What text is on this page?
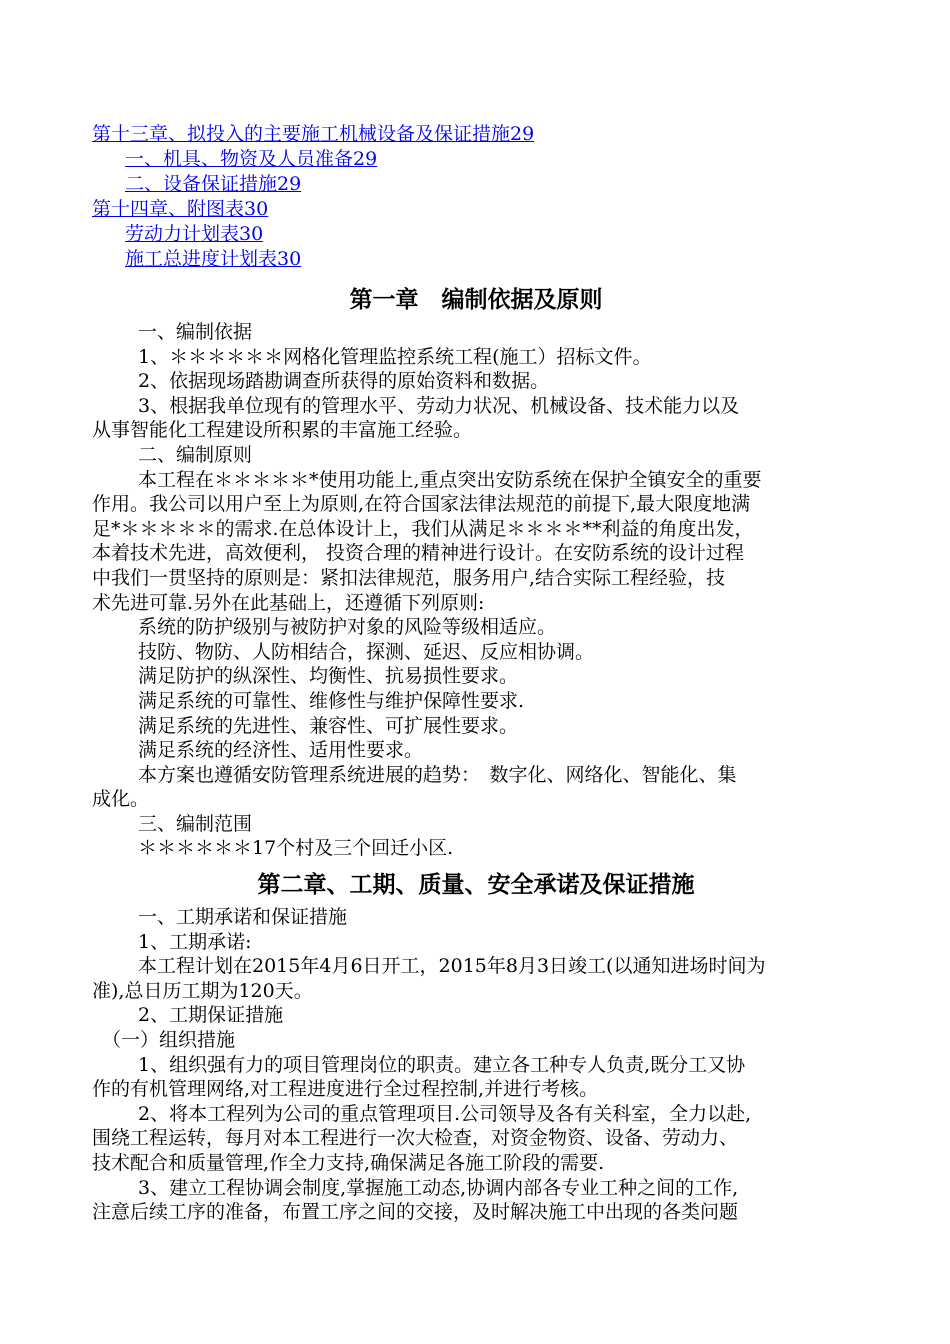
第十三章、拟投入的主要施工机械设备及保证措施29
一、机具、物资及人员准备29
二、设备保证措施29
第十四章、附图表30
劳动力计划表30
施工总进度计划表30
第一章　编制依据及原则

一、编制依据

1、＊＊＊＊＊＊网格化管理监控系统工程(施工）招标文件。

2、依据现场踏勘调查所获得的原始资料和数据。

3、根据我单位现有的管理水平、劳动力状况、机械设备、技术能力以及

从事智能化工程建设所积累的丰富施工经验。

二、编制原则

本工程在＊＊＊＊＊*使用功能上,重点突出安防系统在保护全镇安全的重要

作用。我公司以用户至上为原则,在符合国家法律法规范的前提下,最大限度地满

足*＊＊＊＊＊的需求.在总体设计上，我们从满足＊＊＊＊**利益的角度出发，

本着技术先进，高效便利， 投资合理的精神进行设计。在安防系统的设计过程

中我们一贯坚持的原则是：紧扣法律规范，服务用户,结合实际工程经验，技

术先进可靠.另外在此基础上，还遵循下列原则:

系统的防护级别与被防护对象的风险等级相适应。

技防、物防、人防相结合，探测、延迟、反应相协调。

满足防护的纵深性、均衡性、抗易损性要求。

满足系统的可靠性、维修性与维护保障性要求.

满足系统的先进性、兼容性、可扩展性要求。

满足系统的经济性、适用性要求。

本方案也遵循安防管理系统进展的趋势：　数字化、网络化、智能化、集

成化。

三、编制范围

＊＊＊＊＊＊17个村及三个回迁小区.

第二章、工期、质量、安全承诺及保证措施

一、工期承诺和保证措施

1、工期承诺:

本工程计划在2015年4月6日开工，2015年8月3日竣工(以通知进场时间为

准),总日历工期为120天。

2、工期保证措施

（一）组织措施

1、组织强有力的项目管理岗位的职责。建立各工种专人负责,既分工又协

作的有机管理网络,对工程进度进行全过程控制,并进行考核。

2、将本工程列为公司的重点管理项目.公司领导及各有关科室，全力以赴,

围绕工程运转，每月对本工程进行一次大检查，对资金物资、设备、劳动力、

技术配合和质量管理,作全力支持,确保满足各施工阶段的需要.

3、建立工程协调会制度,掌握施工动态,协调内部各专业工种之间的工作,

注意后续工序的准备，布置工序之间的交接，及时解决施工中出现的各类问题
